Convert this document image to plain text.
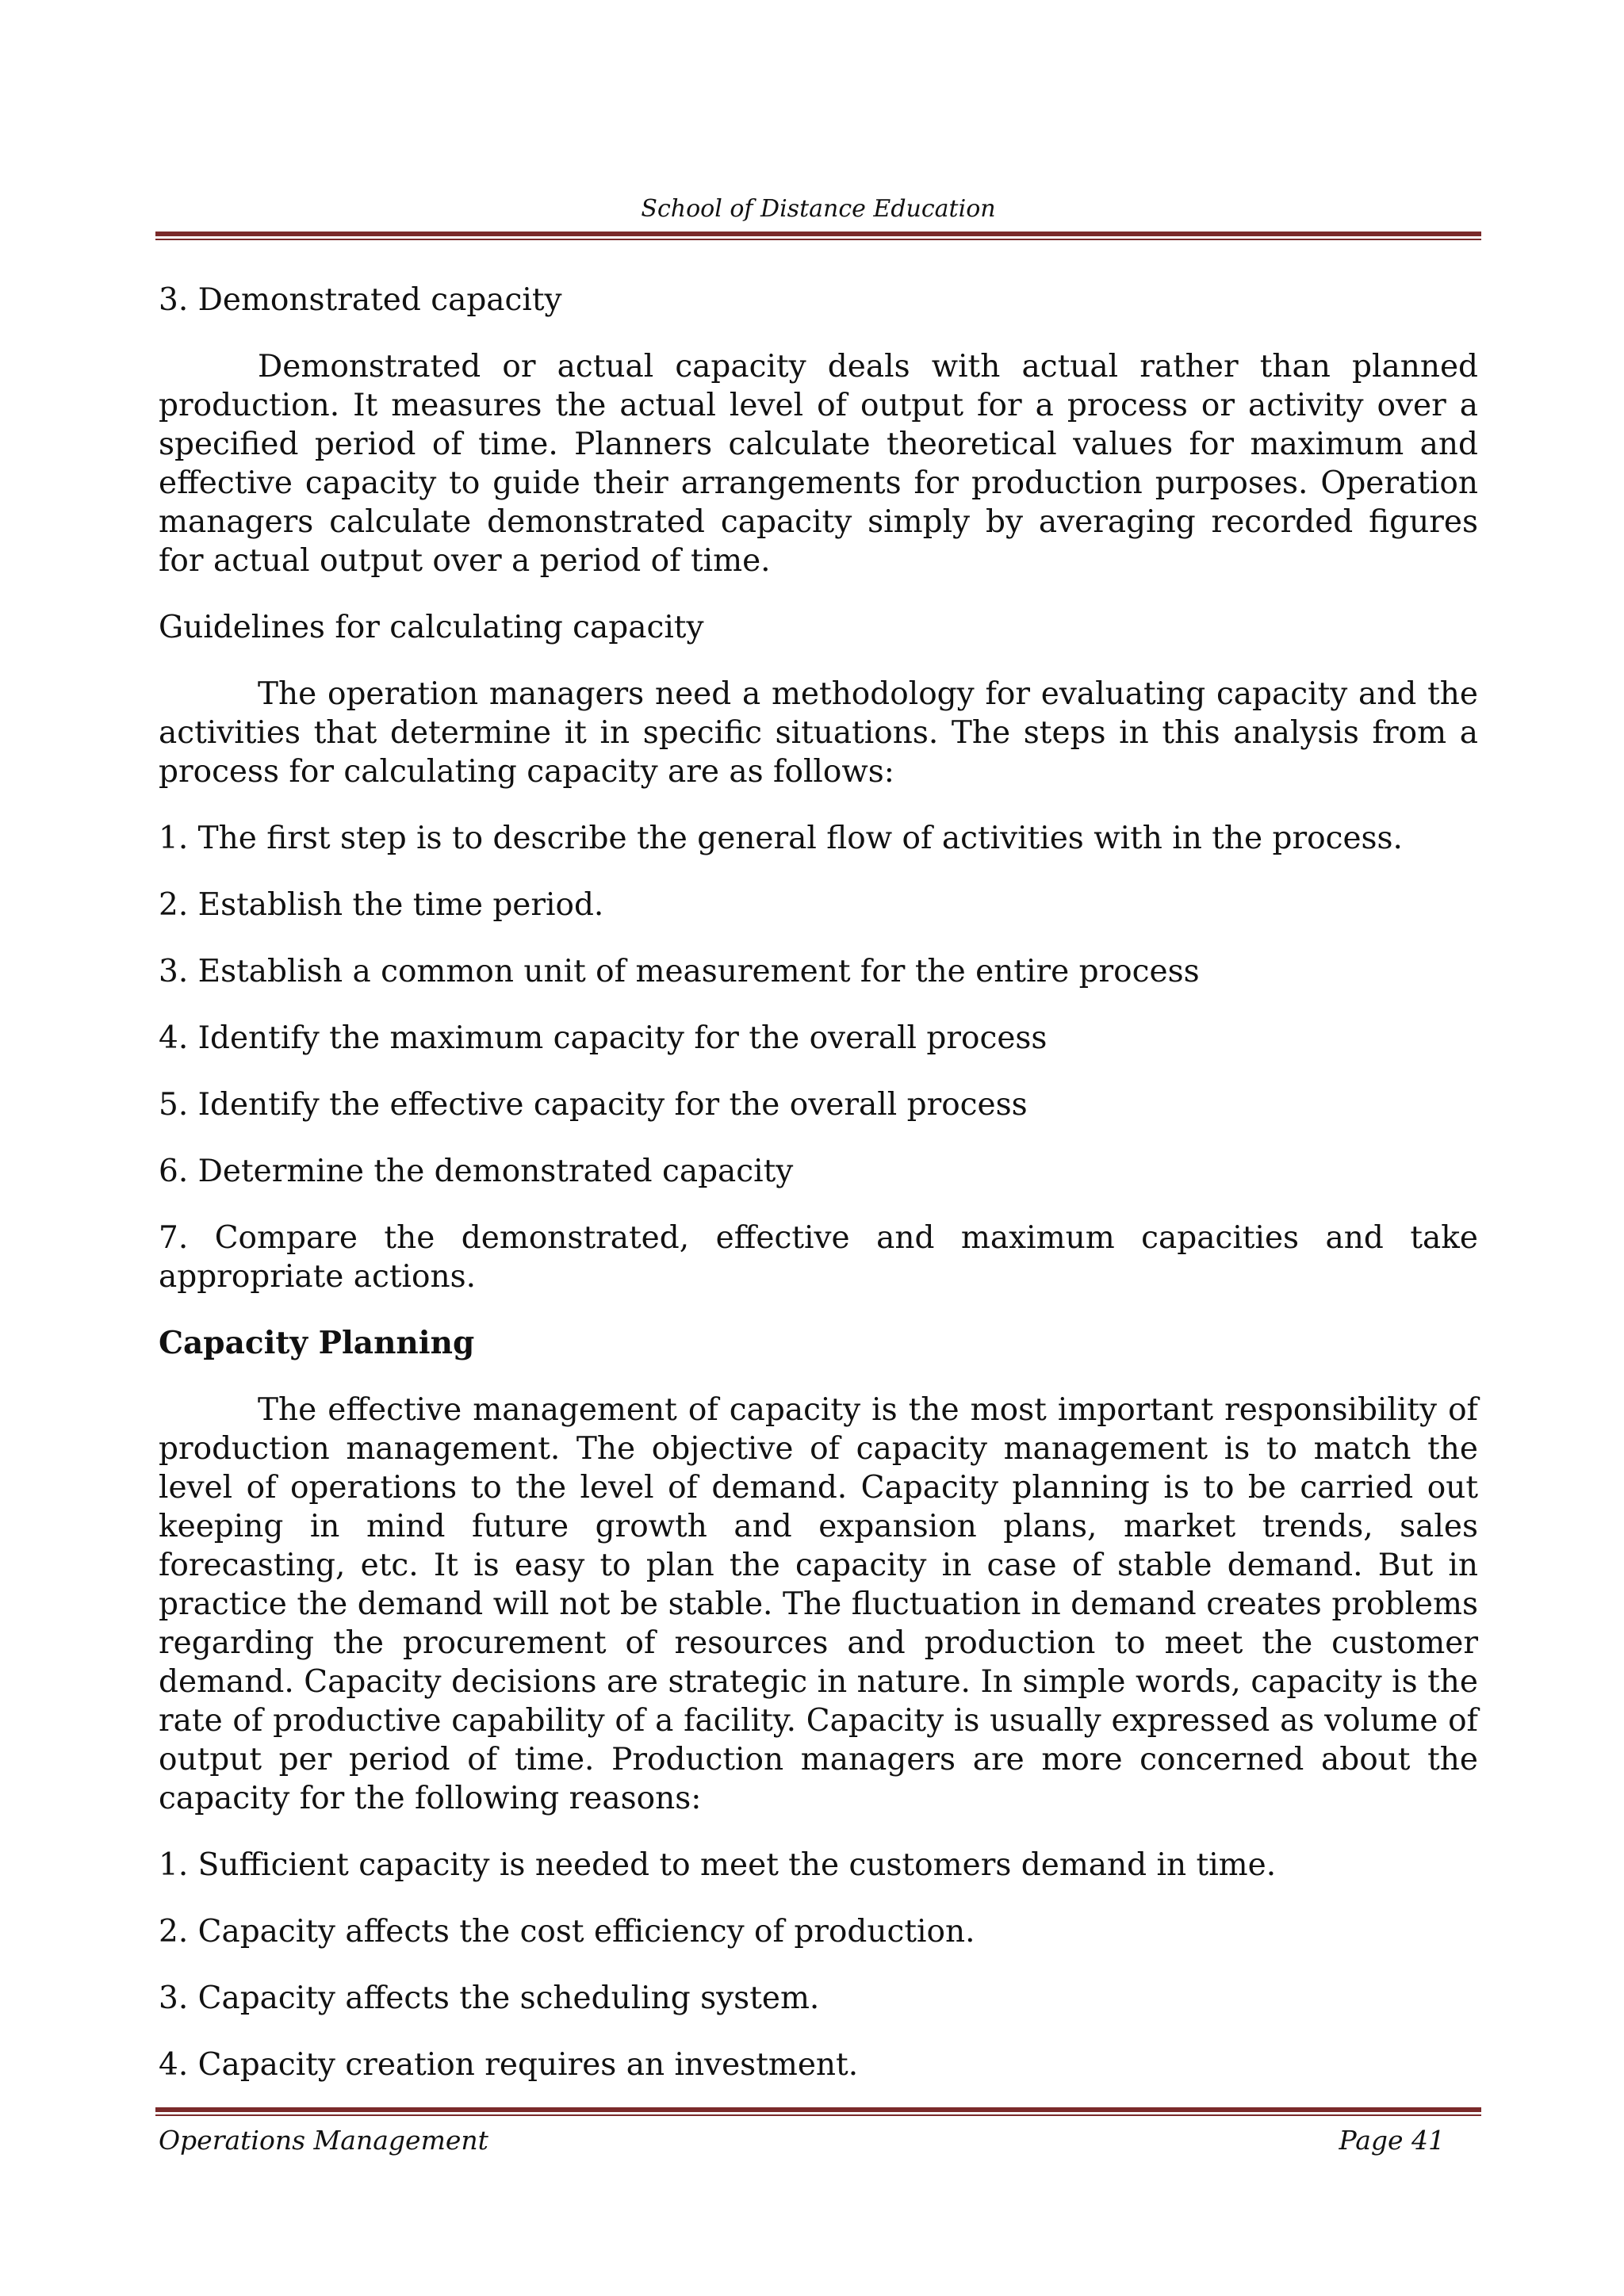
School of Distance Education

3. Demonstrated capacity

Demonstrated or actual capacity deals with actual rather than planned production. It measures the actual level of output for a process or activity over a specified period of time. Planners calculate theoretical values for maximum and effective capacity to guide their arrangements for production purposes. Operation managers calculate demonstrated capacity simply by averaging recorded figures for actual output over a period of time.

Guidelines for calculating capacity

The operation managers need a methodology for evaluating capacity and the activities that determine it in specific situations. The steps in this analysis from a process for calculating capacity are as follows:

1. The first step is to describe the general flow of activities with in the process.

2. Establish the time period.

3. Establish a common unit of measurement for the entire process

4. Identify the maximum capacity for the overall process

5. Identify the effective capacity for the overall process

6. Determine the demonstrated capacity

7. Compare the demonstrated, effective and maximum capacities and take appropriate actions.

Capacity Planning

The effective management of capacity is the most important responsibility of production management. The objective of capacity management is to match the level of operations to the level of demand. Capacity planning is to be carried out keeping in mind future growth and expansion plans, market trends, sales forecasting, etc. It is easy to plan the capacity in case of stable demand. But in practice the demand will not be stable. The fluctuation in demand creates problems regarding the procurement of resources and production to meet the customer demand. Capacity decisions are strategic in nature. In simple words, capacity is the rate of productive capability of a facility. Capacity is usually expressed as volume of output per period of time. Production managers are more concerned about the capacity for the following reasons:

1. Sufficient capacity is needed to meet the customers demand in time.

2. Capacity affects the cost efficiency of production.

3. Capacity affects the scheduling system.

4. Capacity creation requires an investment.

Operations Management	Page 41
